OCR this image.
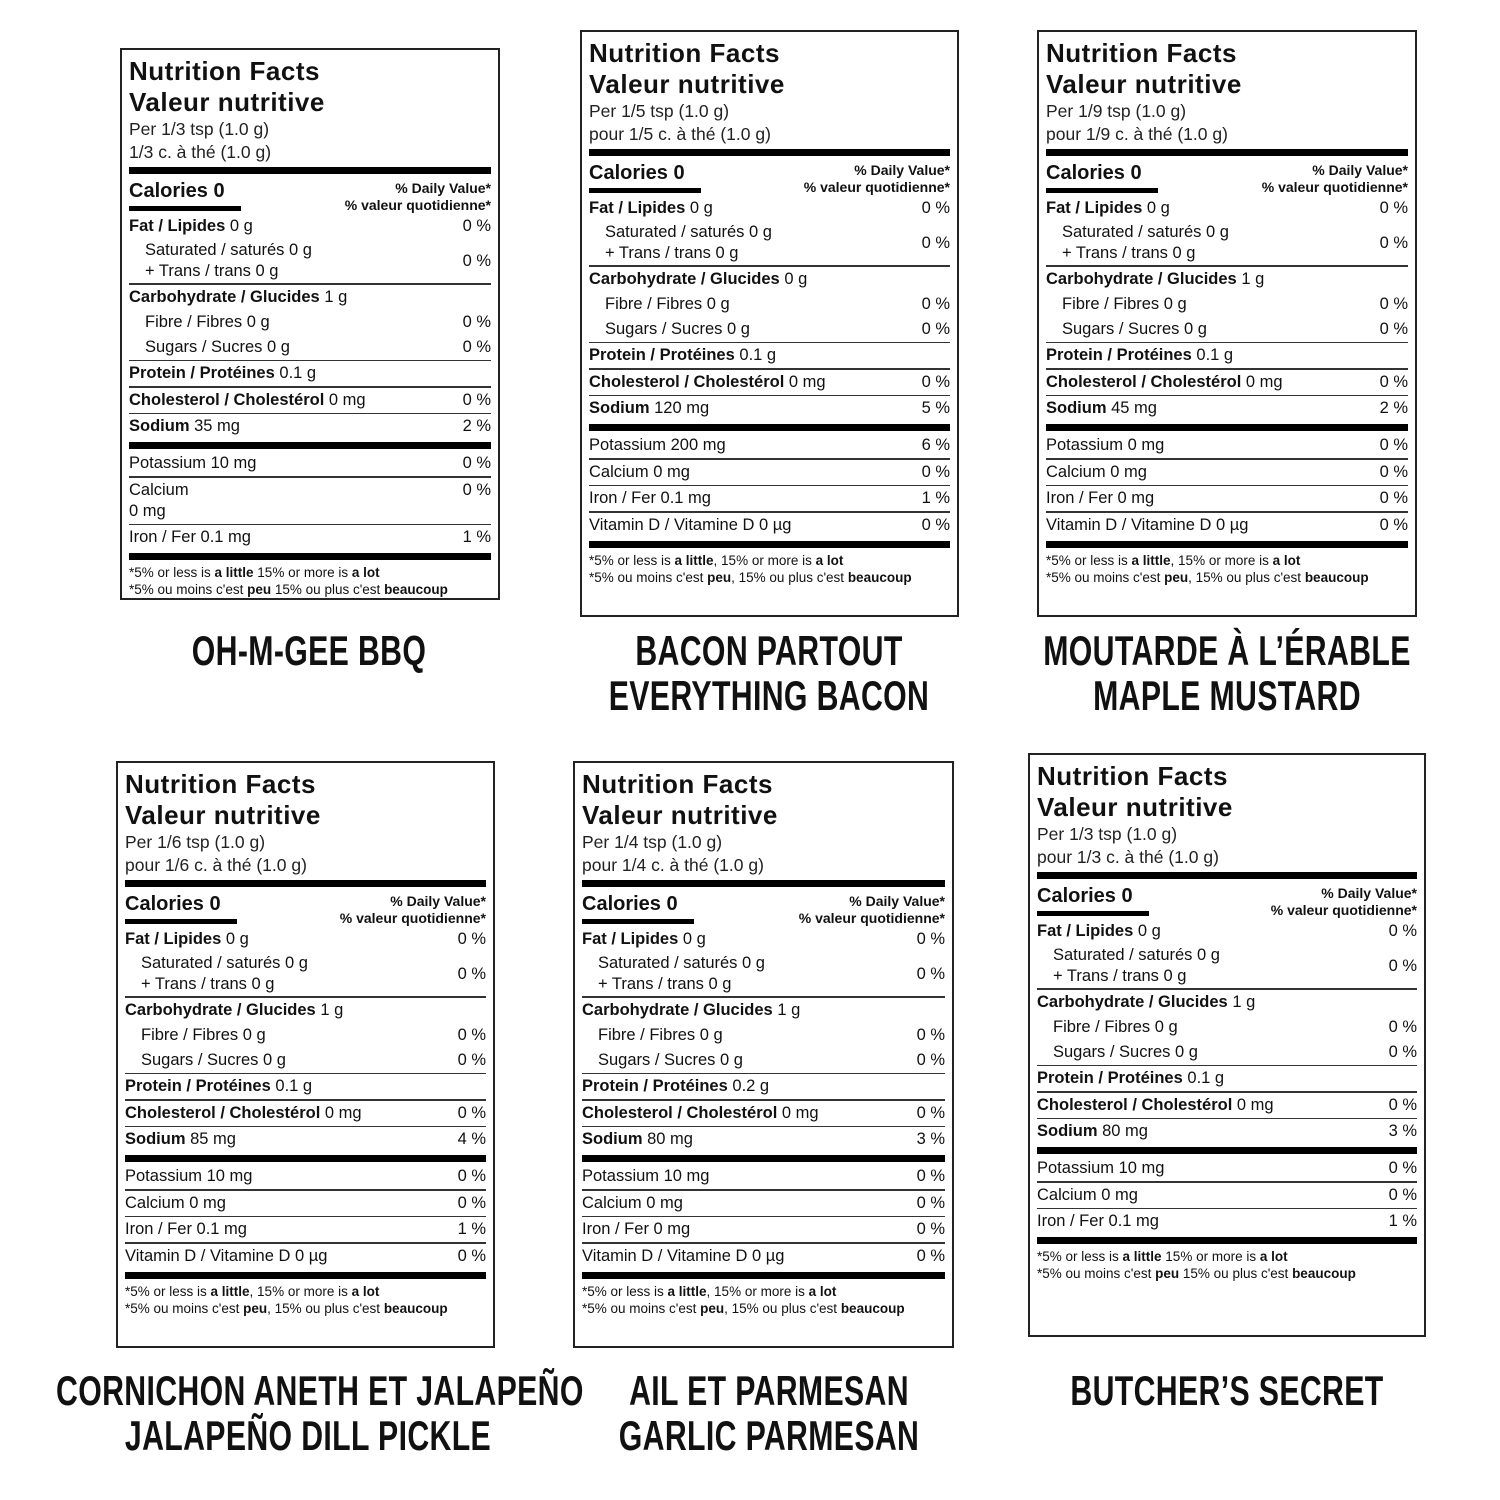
Nutrition Facts
Valeur nutritive
Per 1/3 tsp (1.0 g)
1/3 c. à thé (1.0 g)
Calories 0	% Daily Value*
% valeur quotidienne*
Fat / Lipides 0 g	0 %
Saturated / saturés 0 g
+ Trans / trans 0 g
0 %
Carbohydrate / Glucides 1 g
Fibre / Fibres 0 g	0 %
Sugars / Sucres 0 g	0 %
Protein / Protéines 0.1 g
Cholesterol / Cholestérol 0 mg	0 %
Sodium 35 mg	2 %
Potassium 10 mg	0 %
Calcium
0 mg
0 %
Iron / Fer 0.1 mg	1 %
*5% or less is a little 15% or more is a lot
*5% ou moins c'est peu 15% ou plus c'est beaucoup
OH-M-GEE BBQ
Nutrition Facts
Valeur nutritive
Per 1/5 tsp (1.0 g)
pour 1/5 c. à thé (1.0 g)
Calories 0	% Daily Value*
% valeur quotidienne*
Fat / Lipides 0 g	0 %
Saturated / saturés 0 g
+ Trans / trans 0 g
0 %
Carbohydrate / Glucides 0 g
Fibre / Fibres 0 g	0 %
Sugars / Sucres 0 g	0 %
Protein / Protéines 0.1 g
Cholesterol / Cholestérol 0 mg	0 %
Sodium 120 mg	5 %
Potassium 200 mg	6 %
Calcium 0 mg	0 %
Iron / Fer 0.1 mg	1 %
Vitamin D / Vitamine D 0 µg	0 %
*5% or less is a little, 15% or more is a lot
*5% ou moins c'est peu, 15% ou plus c'est beaucoup
BACON PARTOUT
EVERYTHING BACON
Nutrition Facts
Valeur nutritive
Per 1/9 tsp (1.0 g)
pour 1/9 c. à thé (1.0 g)
Calories 0	% Daily Value*
% valeur quotidienne*
Fat / Lipides 0 g	0 %
Saturated / saturés 0 g
+ Trans / trans 0 g
0 %
Carbohydrate / Glucides 1 g
Fibre / Fibres 0 g	0 %
Sugars / Sucres 0 g	0 %
Protein / Protéines 0.1 g
Cholesterol / Cholestérol 0 mg	0 %
Sodium 45 mg	2 %
Potassium 0 mg	0 %
Calcium 0 mg	0 %
Iron / Fer 0 mg	0 %
Vitamin D / Vitamine D 0 µg	0 %
*5% or less is a little, 15% or more is a lot
*5% ou moins c'est peu, 15% ou plus c'est beaucoup
MOUTARDE À L’ÉRABLE
MAPLE MUSTARD
Nutrition Facts
Valeur nutritive
Per 1/6 tsp (1.0 g)
pour 1/6 c. à thé (1.0 g)
Calories 0	% Daily Value*
% valeur quotidienne*
Fat / Lipides 0 g	0 %
Saturated / saturés 0 g
+ Trans / trans 0 g
0 %
Carbohydrate / Glucides 1 g
Fibre / Fibres 0 g	0 %
Sugars / Sucres 0 g	0 %
Protein / Protéines 0.1 g
Cholesterol / Cholestérol 0 mg	0 %
Sodium 85 mg	4 %
Potassium 10 mg	0 %
Calcium 0 mg	0 %
Iron / Fer 0.1 mg	1 %
Vitamin D / Vitamine D 0 µg	0 %
*5% or less is a little, 15% or more is a lot
*5% ou moins c'est peu, 15% ou plus c'est beaucoup
CORNICHON ANETH ET JALAPEÑO
JALAPEÑO DILL PICKLE
Nutrition Facts
Valeur nutritive
Per 1/4 tsp (1.0 g)
pour 1/4 c. à thé (1.0 g)
Calories 0	% Daily Value*
% valeur quotidienne*
Fat / Lipides 0 g	0 %
Saturated / saturés 0 g
+ Trans / trans 0 g
0 %
Carbohydrate / Glucides 1 g
Fibre / Fibres 0 g	0 %
Sugars / Sucres 0 g	0 %
Protein / Protéines 0.2 g
Cholesterol / Cholestérol 0 mg	0 %
Sodium 80 mg	3 %
Potassium 10 mg	0 %
Calcium 0 mg	0 %
Iron / Fer 0 mg	0 %
Vitamin D / Vitamine D 0 µg	0 %
*5% or less is a little, 15% or more is a lot
*5% ou moins c'est peu, 15% ou plus c'est beaucoup
AIL ET PARMESAN
GARLIC PARMESAN
Nutrition Facts
Valeur nutritive
Per 1/3 tsp (1.0 g)
pour 1/3 c. à thé (1.0 g)
Calories 0	% Daily Value*
% valeur quotidienne*
Fat / Lipides 0 g	0 %
Saturated / saturés 0 g
+ Trans / trans 0 g
0 %
Carbohydrate / Glucides 1 g
Fibre / Fibres 0 g	0 %
Sugars / Sucres 0 g	0 %
Protein / Protéines 0.1 g
Cholesterol / Cholestérol 0 mg	0 %
Sodium 80 mg	3 %
Potassium 10 mg	0 %
Calcium 0 mg	0 %
Iron / Fer 0.1 mg	1 %
*5% or less is a little 15% or more is a lot
*5% ou moins c'est peu 15% ou plus c'est beaucoup
BUTCHER’S SECRET
